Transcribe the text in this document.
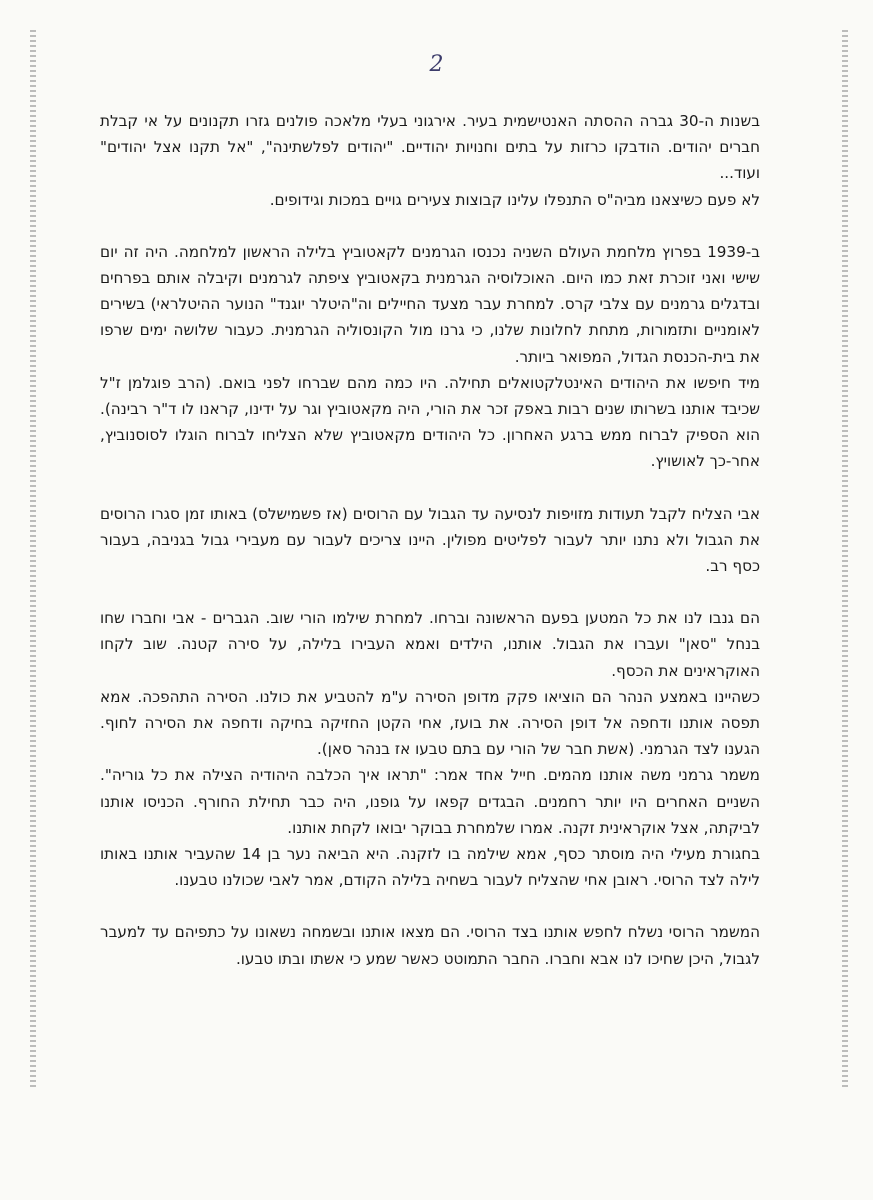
2

בשנות ה-30 גברה ההסתה האנטישמית בעיר. אירגוני בעלי מלאכה פולנים גזרו תקנונים על אי קבלת חברים יהודים. הודבקו כרזות על בתים וחנויות יהודיים. "יהודים לפלשתינה", "אל תקנו אצל יהודים" ועוד...

לא פעם כשיצאנו מביה"ס התנפלו עלינו קבוצות צעירים גויים במכות וגידופים.

ב-1939 בפרוץ מלחמת העולם השניה נכנסו הגרמנים לקאטוביץ בלילה הראשון למלחמה. היה זה יום שישי ואני זוכרת זאת כמו היום. האוכלוסיה הגרמנית בקאטוביץ ציפתה לגרמנים וקיבלה אותם בפרחים ובדגלים גרמנים עם צלבי קרס. למחרת עבר מצעד החיילים וה"היטלר יוגנד" הנוער ההיטלראי) בשירים לאומניים ותזמורות, מתחת לחלונות שלנו, כי גרנו מול הקונסוליה הגרמנית. כעבור שלושה ימים שרפו את בית-הכנסת הגדול, המפואר ביותר.

מיד חיפשו את היהודים האינטלקטואלים תחילה. היו כמה מהם שברחו לפני בואם. (הרב פוגלמן ז"ל שכיבד אותנו בשרותו שנים רבות באפק זכר את הורי, היה מקאטוביץ וגר על ידינו, קראנו לו ד"ר רבינה). הוא הספיק לברוח ממש ברגע האחרון. כל היהודים מקאטוביץ שלא הצליחו לברוח הוגלו לסוסנוביץ, אחר-כך לאושויץ.

אבי הצליח לקבל תעודות מזויפות לנסיעה עד הגבול עם הרוסים (אז פשמישלס) באותו זמן סגרו הרוסים את הגבול ולא נתנו יותר לעבור לפליטים מפולין. היינו צריכים לעבור עם מעבירי גבול בגניבה, בעבור כסף רב.

הם גנבו לנו את כל המטען בפעם הראשונה וברחו. למחרת שילמו הורי שוב. הגברים - אבי וחברו שחו בנחל "סאן" ועברו את הגבול. אותנו, הילדים ואמא העבירו בלילה, על סירה קטנה. שוב לקחו האוקראינים את הכסף.

כשהיינו באמצע הנהר הם הוציאו פקק מדופן הסירה ע"מ להטביע את כולנו. הסירה התהפכה. אמא תפסה אותנו ודחפה אל דופן הסירה. את בועז, אחי הקטן החזיקה בחיקה ודחפה את הסירה לחוף. הגענו לצד הגרמני. (אשת חבר של הורי עם בתם טבעו אז בנהר סאן).

משמר גרמני משה אותנו מהמים. חייל אחד אמר: "תראו איך הכלבה היהודיה הצילה את כל גוריה". השניים האחרים היו יותר רחמנים. הבגדים קפאו על גופנו, היה כבר תחילת החורף. הכניסו אותנו לביקתה, אצל אוקראינית זקנה. אמרו שלמחרת בבוקר יבואו לקחת אותנו.

בחגורת מעילי היה מוסתר כסף, אמא שילמה בו לזקנה. היא הביאה נער בן 14 שהעביר אותנו באותו לילה לצד הרוסי. ראובן אחי שהצליח לעבור בשחיה בלילה הקודם, אמר לאבי שכולנו טבענו.

המשמר הרוסי נשלח לחפש אותנו בצד הרוסי. הם מצאו אותנו ובשמחה נשאונו על כתפיהם עד למעבר לגבול, היכן שחיכו לנו אבא וחברו. החבר התמוטט כאשר שמע כי אשתו ובתו טבעו.
